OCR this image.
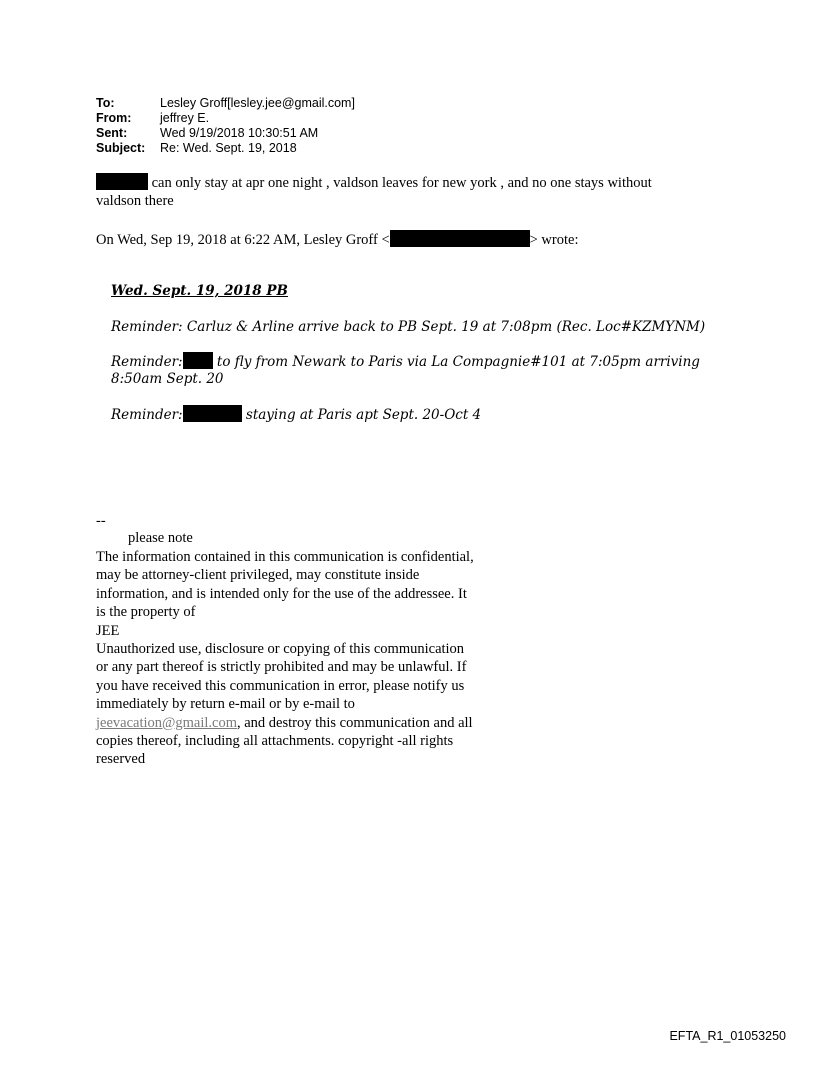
To:	Lesley Groff[lesley.jee@gmail.com]
From:	jeffrey E.
Sent:	Wed 9/19/2018 10:30:51 AM
Subject:	Re: Wed. Sept. 19, 2018
can only stay at apr one night , valdson leaves for new york , and no one stays without valdson there
On Wed, Sep 19, 2018 at 6:22 AM, Lesley Groff <	> wrote:
Wed. Sept. 19, 2018 PB
Reminder: Carluz & Arline arrive back to PB Sept. 19 at 7:08pm (Rec. Loc#KZMYNM)
Reminder:	to fly from Newark to Paris via La Compagnie#101 at 7:05pm arriving 8:50am Sept. 20
Reminder:	staying at Paris apt Sept. 20-Oct 4
--
please note
The information contained in this communication is confidential, may be attorney-client privileged, may constitute inside information, and is intended only for the use of the addressee. It is the property of
JEE
Unauthorized use, disclosure or copying of this communication or any part thereof is strictly prohibited and may be unlawful. If you have received this communication in error, please notify us immediately by return e-mail or by e-mail to jeevacation@gmail.com, and destroy this communication and all copies thereof, including all attachments. copyright -all rights reserved
EFTA_R1_01053250
